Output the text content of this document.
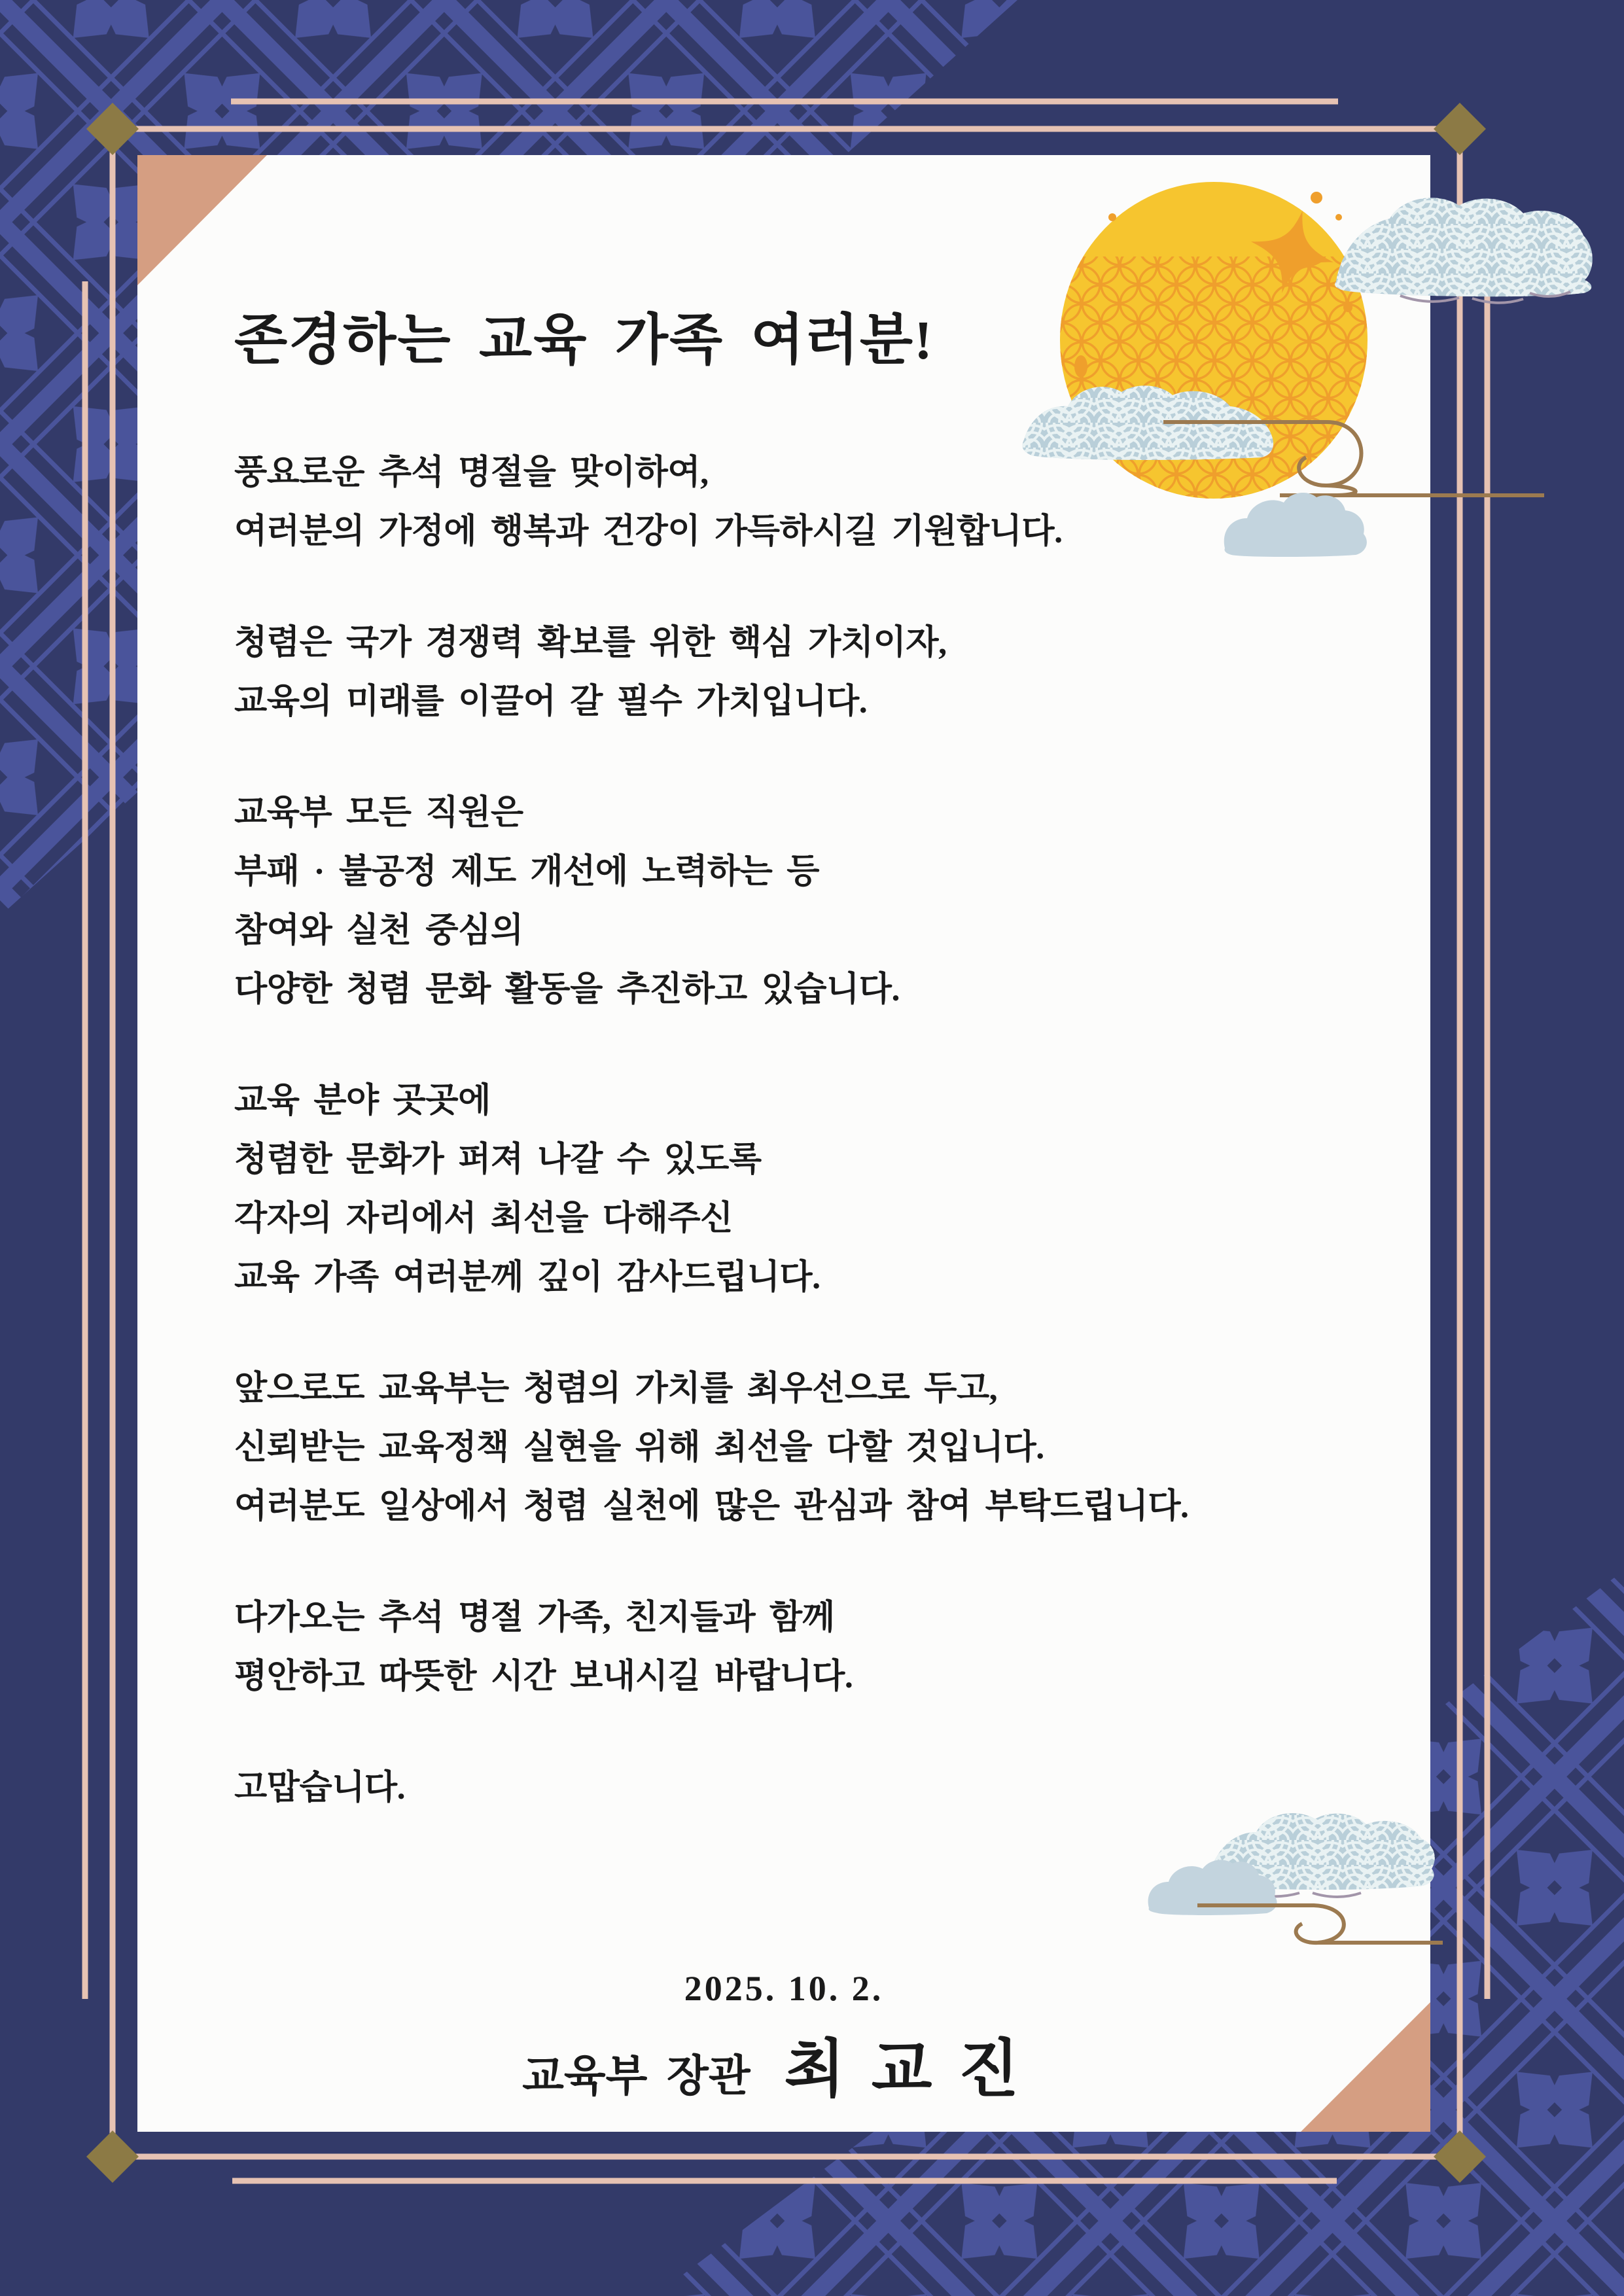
존경하는 교육 가족 여러분!
풍요로운 추석 명절을 맞이하여,
여러분의 가정에 행복과 건강이 가득하시길 기원합니다.
청렴은 국가 경쟁력 확보를 위한 핵심 가치이자,
교육의 미래를 이끌어 갈 필수 가치입니다.
교육부 모든 직원은
부패 · 불공정 제도 개선에 노력하는 등
참여와 실천 중심의
다양한 청렴 문화 활동을 추진하고 있습니다.
교육 분야 곳곳에
청렴한 문화가 퍼져 나갈 수 있도록
각자의 자리에서 최선을 다해주신
교육 가족 여러분께 깊이 감사드립니다.
앞으로도 교육부는 청렴의 가치를 최우선으로 두고,
신뢰받는 교육정책 실현을 위해 최선을 다할 것입니다.
여러분도 일상에서 청렴 실천에 많은 관심과 참여 부탁드립니다.
다가오는 추석 명절 가족, 친지들과 함께
평안하고 따뜻한 시간 보내시길 바랍니다.
고맙습니다.
2025. 10. 2.
교육부 장관 최교진
